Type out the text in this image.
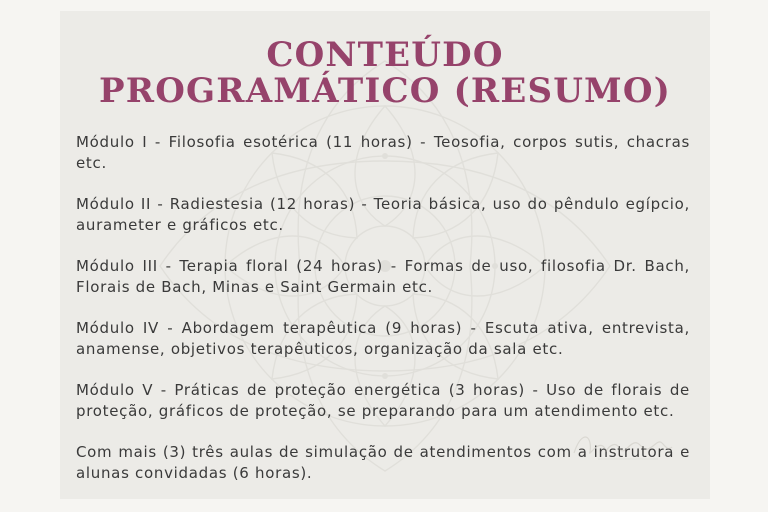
CONTEÚDO
PROGRAMÁTICO (RESUMO)

Módulo I - Filosofia esotérica (11 horas) - Teosofia, corpos sutis, chacras etc.

Módulo II - Radiestesia (12 horas) - Teoria básica, uso do pêndulo egípcio, aurameter e gráficos etc.

Módulo III - Terapia floral (24 horas) - Formas de uso, filosofia Dr. Bach, Florais de Bach, Minas e Saint Germain etc.

Módulo IV - Abordagem terapêutica (9 horas) - Escuta ativa, entrevista, anamense, objetivos terapêuticos, organização da sala etc.

Módulo V - Práticas de proteção energética (3 horas) - Uso de florais de proteção, gráficos de proteção, se preparando para um atendimento etc.

Com mais (3) três aulas de simulação de atendimentos com a instrutora e alunas convidadas (6 horas).
